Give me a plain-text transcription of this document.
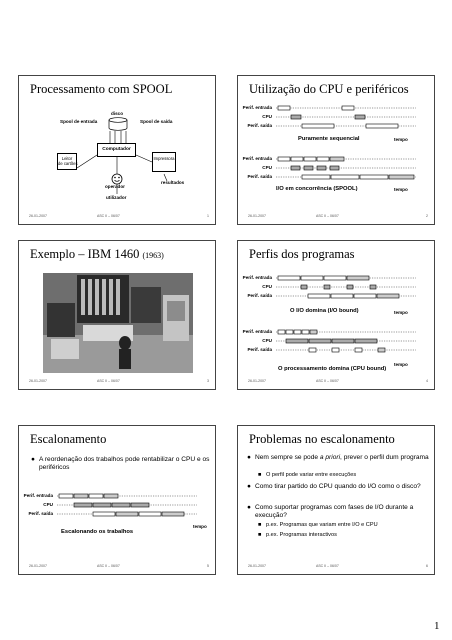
Processamento com SPOOL
disco
Spool de entrada	Spool de saída
Computador
Leitor
de cartões
Impressora
operador
resultados
utilizador
26-01-2007	ASC II – 06/07	1
Utilização do CPU e periféricos
Perif. entrada
CPU
Perif. saída
Puramente sequencial	tempo
Perif. entrada
CPU
Perif. saída
I/O em concorrência (SPOOL)	tempo
26-01-2007	ASC II – 06/07	2
Exemplo – IBM 1460 (1963)
26-01-2007	ASC II – 06/07	3
Perfis dos programas
Perif. entrada
CPU
Perif. saída
O I/O domina (I/O bound)	tempo
Perif. entrada
CPU
Perif. saída
O processamento domina (CPU bound)
tempo
26-01-2007	ASC II – 06/07	4
Escalonamento
● A reordenação dos trabalhos pode rentabilizar o CPU e os periféricos
Perif. entrada
CPU
Perif. saída
Escalonando os trabalhos
tempo
26-01-2007	ASC II – 06/07	5
Problemas no escalonamento
● Nem sempre se pode a priori, prever o perfil dum programa
■ O perfil pode variar entre execuções
● Como tirar partido do CPU quando do I/O como o disco?
● Como suportar programas com fases de I/O durante a execução?
■ p.ex. Programas que variam entre I/O e CPU
■ p.ex. Programas interactivos
26-01-2007	ASC II – 06/07	6
1
